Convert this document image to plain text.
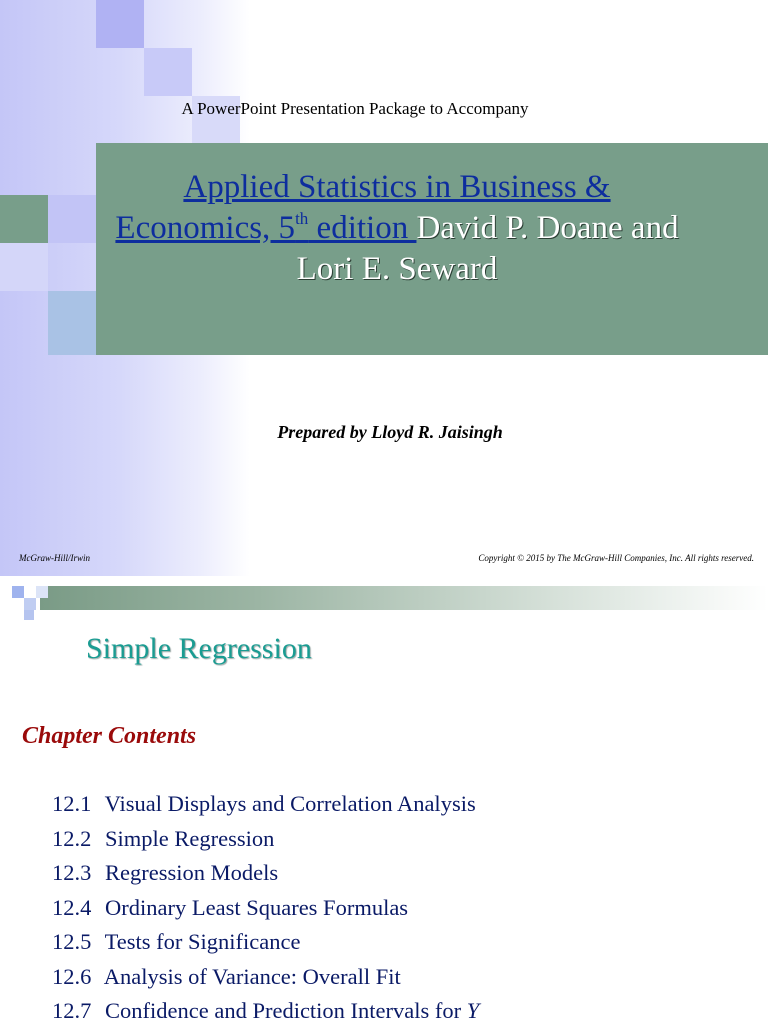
A PowerPoint Presentation Package to Accompany
Applied Statistics in Business &
Economics, 5th edition David P. Doane and
Lori E. Seward
Prepared by Lloyd R. Jaisingh
McGraw-Hill/Irwin	Copyright © 2015 by The McGraw-Hill Companies, Inc. All rights reserved.
Simple Regression
Chapter Contents
12.1 Visual Displays and Correlation Analysis
12.2 Simple Regression
12.3 Regression Models
12.4 Ordinary Least Squares Formulas
12.5 Tests for Significance
12.6 Analysis of Variance: Overall Fit
12.7 Confidence and Prediction Intervals for Y
